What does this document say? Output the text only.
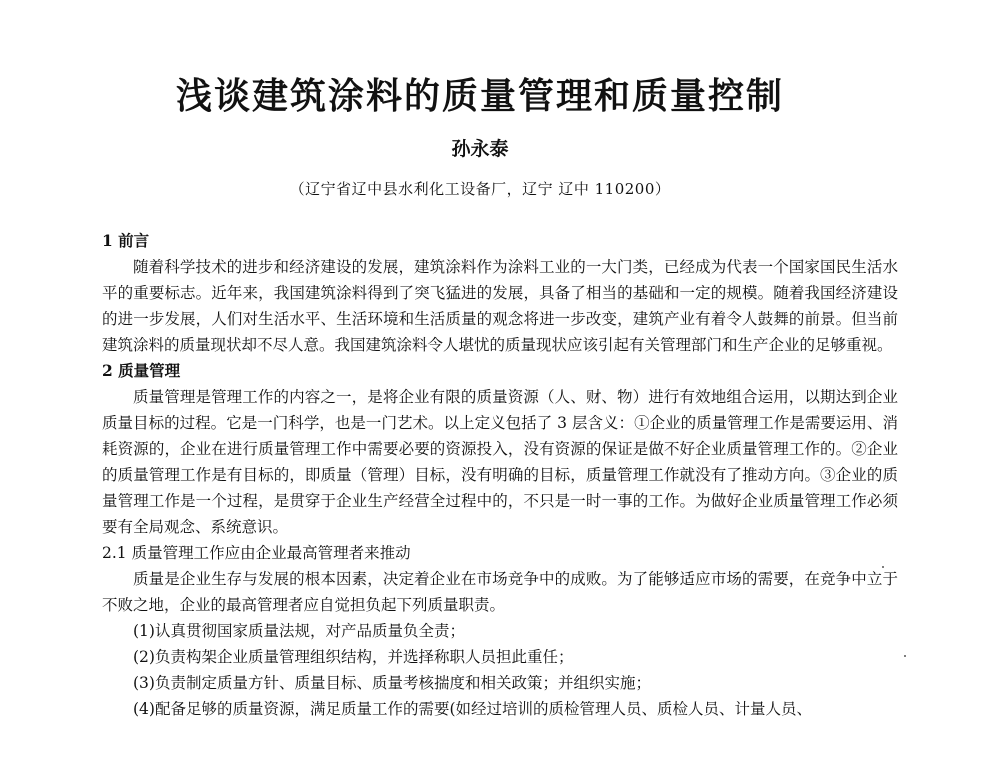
浅谈建筑涂料的质量管理和质量控制
孙永泰
（辽宁省辽中县水利化工设备厂，辽宁 辽中 110200）

1 前言

随着科学技术的进步和经济建设的发展，建筑涂料作为涂料工业的一大门类，已经成为代表一个国家国民生活水平的重要标志。近年来，我国建筑涂料得到了突飞猛进的发展，具备了相当的基础和一定的规模。随着我国经济建设的进一步发展，人们对生活水平、生活环境和生活质量的观念将进一步改变，建筑产业有着令人鼓舞的前景。但当前建筑涂料的质量现状却不尽人意。我国建筑涂料令人堪忧的质量现状应该引起有关管理部门和生产企业的足够重视。

2 质量管理

质量管理是管理工作的内容之一，是将企业有限的质量资源（人、财、物）进行有效地组合运用，以期达到企业质量目标的过程。它是一门科学，也是一门艺术。以上定义包括了 3 层含义：①企业的质量管理工作是需要运用、消耗资源的，企业在进行质量管理工作中需要必要的资源投入，没有资源的保证是做不好企业质量管理工作的。②企业的质量管理工作是有目标的，即质量（管理）目标，没有明确的目标，质量管理工作就没有了推动方向。③企业的质量管理工作是一个过程，是贯穿于企业生产经营全过程中的，不只是一时一事的工作。为做好企业质量管理工作必须要有全局观念、系统意识。

2.1 质量管理工作应由企业最高管理者来推动

质量是企业生存与发展的根本因素，决定着企业在市场竞争中的成败。为了能够适应市场的需要，在竞争中立于不败之地，企业的最高管理者应自觉担负起下列质量职责。

(1)认真贯彻国家质量法规，对产品质量负全责；

(2)负责构架企业质量管理组织结构，并选择称职人员担此重任；

(3)负责制定质量方针、质量目标、质量考核揣度和相关政策；并组织实施；

(4)配备足够的质量资源，满足质量工作的需要(如经过培训的质检管理人员、质检人员、计量人员、
